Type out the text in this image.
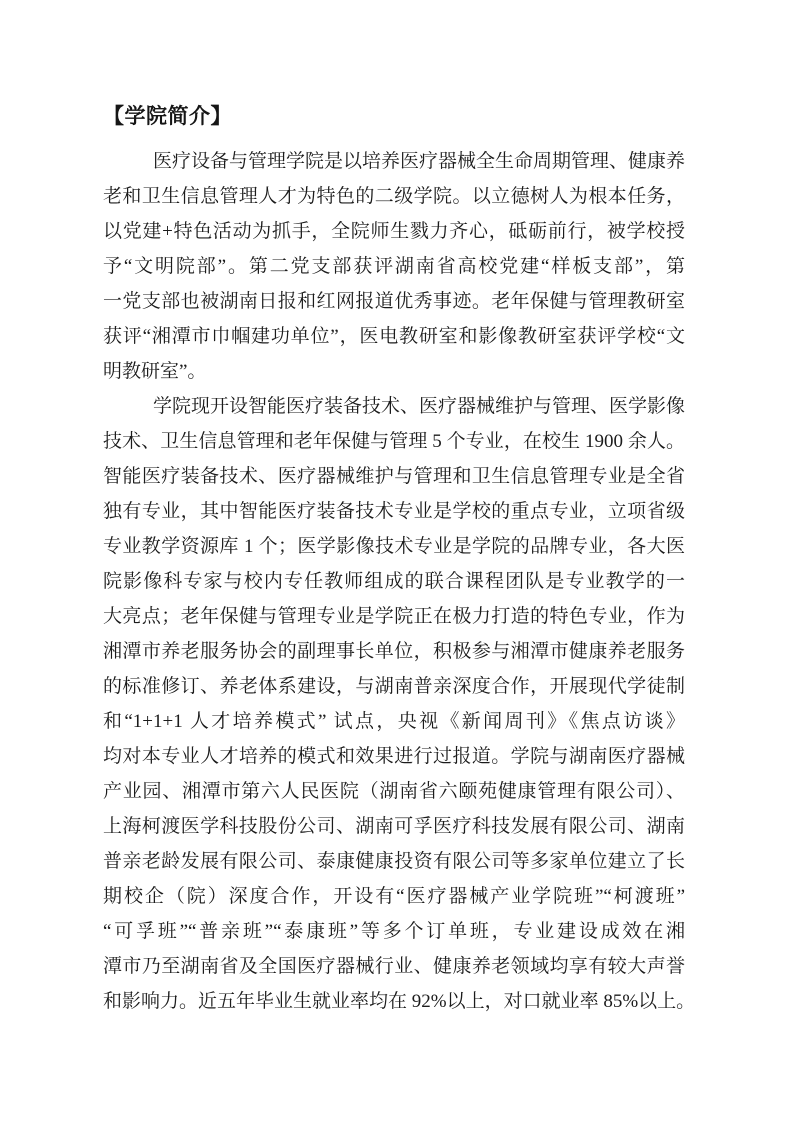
【学院简介】
医疗设备与管理学院是以培养医疗器械全生命周期管理、健康养
老和卫生信息管理人才为特色的二级学院。以立德树人为根本任务，
以党建+特色活动为抓手，全院师生戮力齐心，砥砺前行，被学校授
予“文明院部”。第二党支部获评湖南省高校党建“样板支部”，第
一党支部也被湖南日报和红网报道优秀事迹。老年保健与管理教研室
获评“湘潭市巾帼建功单位”，医电教研室和影像教研室获评学校“文
明教研室”。
学院现开设智能医疗装备技术、医疗器械维护与管理、医学影像
技术、卫生信息管理和老年保健与管理 5 个专业，在校生 1900 余人。
智能医疗装备技术、医疗器械维护与管理和卫生信息管理专业是全省
独有专业，其中智能医疗装备技术专业是学校的重点专业，立项省级
专业教学资源库 1 个；医学影像技术专业是学院的品牌专业，各大医
院影像科专家与校内专任教师组成的联合课程团队是专业教学的一
大亮点；老年保健与管理专业是学院正在极力打造的特色专业，作为
湘潭市养老服务协会的副理事长单位，积极参与湘潭市健康养老服务
的标准修订、养老体系建设，与湖南普亲深度合作，开展现代学徒制
和“1+1+1 人才培养模式” 试点，央视《新闻周刊》《焦点访谈》
均对本专业人才培养的模式和效果进行过报道。学院与湖南医疗器械
产业园、湘潭市第六人民医院（湖南省六颐苑健康管理有限公司）、
上海柯渡医学科技股份公司、湖南可孚医疗科技发展有限公司、湖南
普亲老龄发展有限公司、泰康健康投资有限公司等多家单位建立了长
期校企（院）深度合作，开设有“医疗器械产业学院班”“柯渡班”
“可孚班”“普亲班”“泰康班”等多个订单班，专业建设成效在湘
潭市乃至湖南省及全国医疗器械行业、健康养老领域均享有较大声誉
和影响力。近五年毕业生就业率均在 92%以上，对口就业率 85%以上。
